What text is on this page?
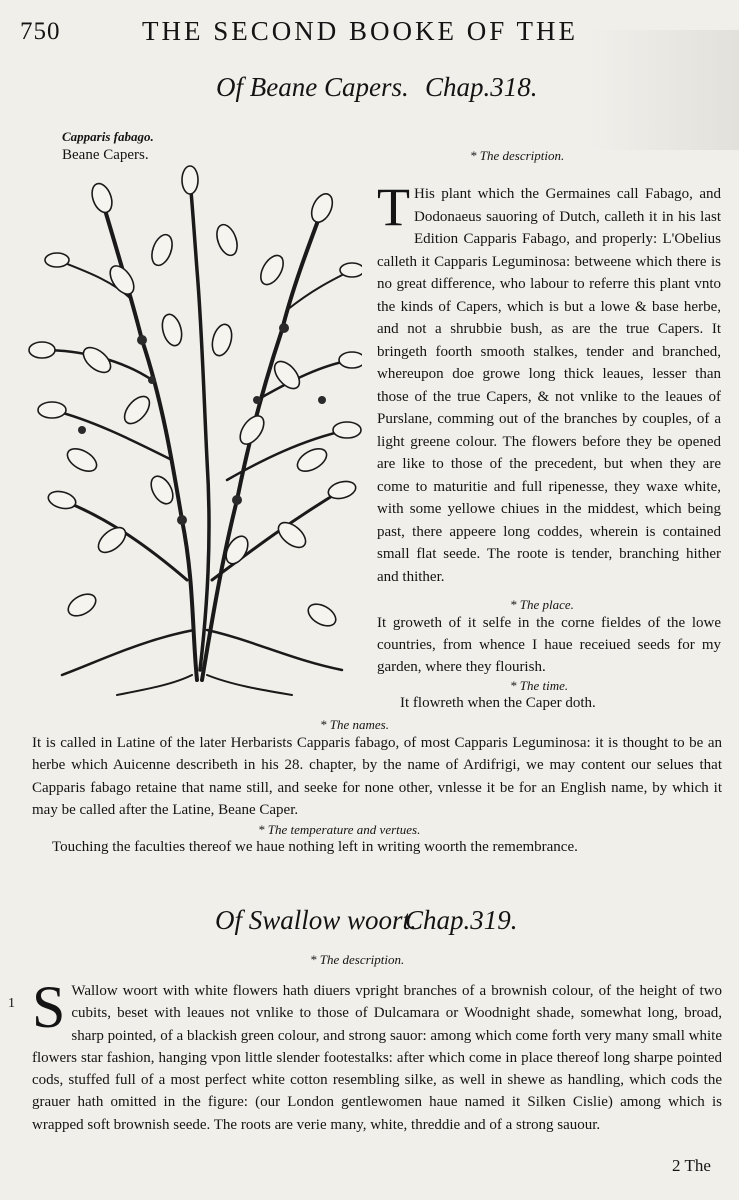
750	THE SECOND BOOKE OF THE
Of Beane Capers. Chap.318.
Capparis fabago.
Beane Capers.	* The description.
T His plant which the Germaines call Fabago, and Dodonaeus sauoring of Dutch, calleth it in his last Edition Capparis Fabago, and properly: L'Obelius calleth it Capparis Leguminosa: betweene which there is no great difference, who labour to referre this plant vnto the kinds of Capers, which is but a lowe & base herbe, and not a shrubbie bush, as are the true Capers. It bringeth foorth smooth stalkes, tender and branched, whereupon doe growe long thick leaues, lesser than those of the true Capers, & not vnlike to the leaues of Purslane, comming out of the branches by couples, of a light greene colour. The flowers before they be opened are like to those of the precedent, but when they are come to maturitie and full ripenesse, they waxe white, with some yellowe chiues in the middest, which being past, there appeere long coddes, wherein is contained small flat seede. The roote is tender, branching hither and thither.
* The place.
It groweth of it selfe in the corne fieldes of the lowe countries, from whence I haue receiued seeds for my garden, where they flourish.
* The time.
It flowreth when the Caper doth.
* The names.
It is called in Latine of the later Herbarists Capparis fabago, of most Capparis Leguminosa: it is thought to be an herbe which Auicenne describeth in his 28. chapter, by the name of Ardifrigi, we may content our selues that Capparis fabago retaine that name still, and seeke for none other, vnlesse it be for an English name, by which it may be called after the Latine, Beane Caper.
* The temperature and vertues.
Touching the faculties thereof we haue nothing left in writing woorth the remembrance.
Of Swallow woort.
Chap.319.
* The description.
1 S Wallow woort with white flowers hath diuers vpright branches of a brownish colour, of the height of two cubits, beset with leaues not vnlike to those of Dulcamara or Woodnight shade, somewhat long, broad, sharp pointed, of a blackish green colour, and strong sauor: among which come forth very many small white flowers star fashion, hanging vpon little slender footestalks: after which come in place thereof long sharpe pointed cods, stuffed full of a most perfect white cotton resembling silke, as well in shewe as handling, which cods the grauer hath omitted in the figure: (our London gentlewomen haue named it Silken Cislie) among which is wrapped soft brownish seede. The roots are verie many, white, threddie and of a strong sauour.
2 The
